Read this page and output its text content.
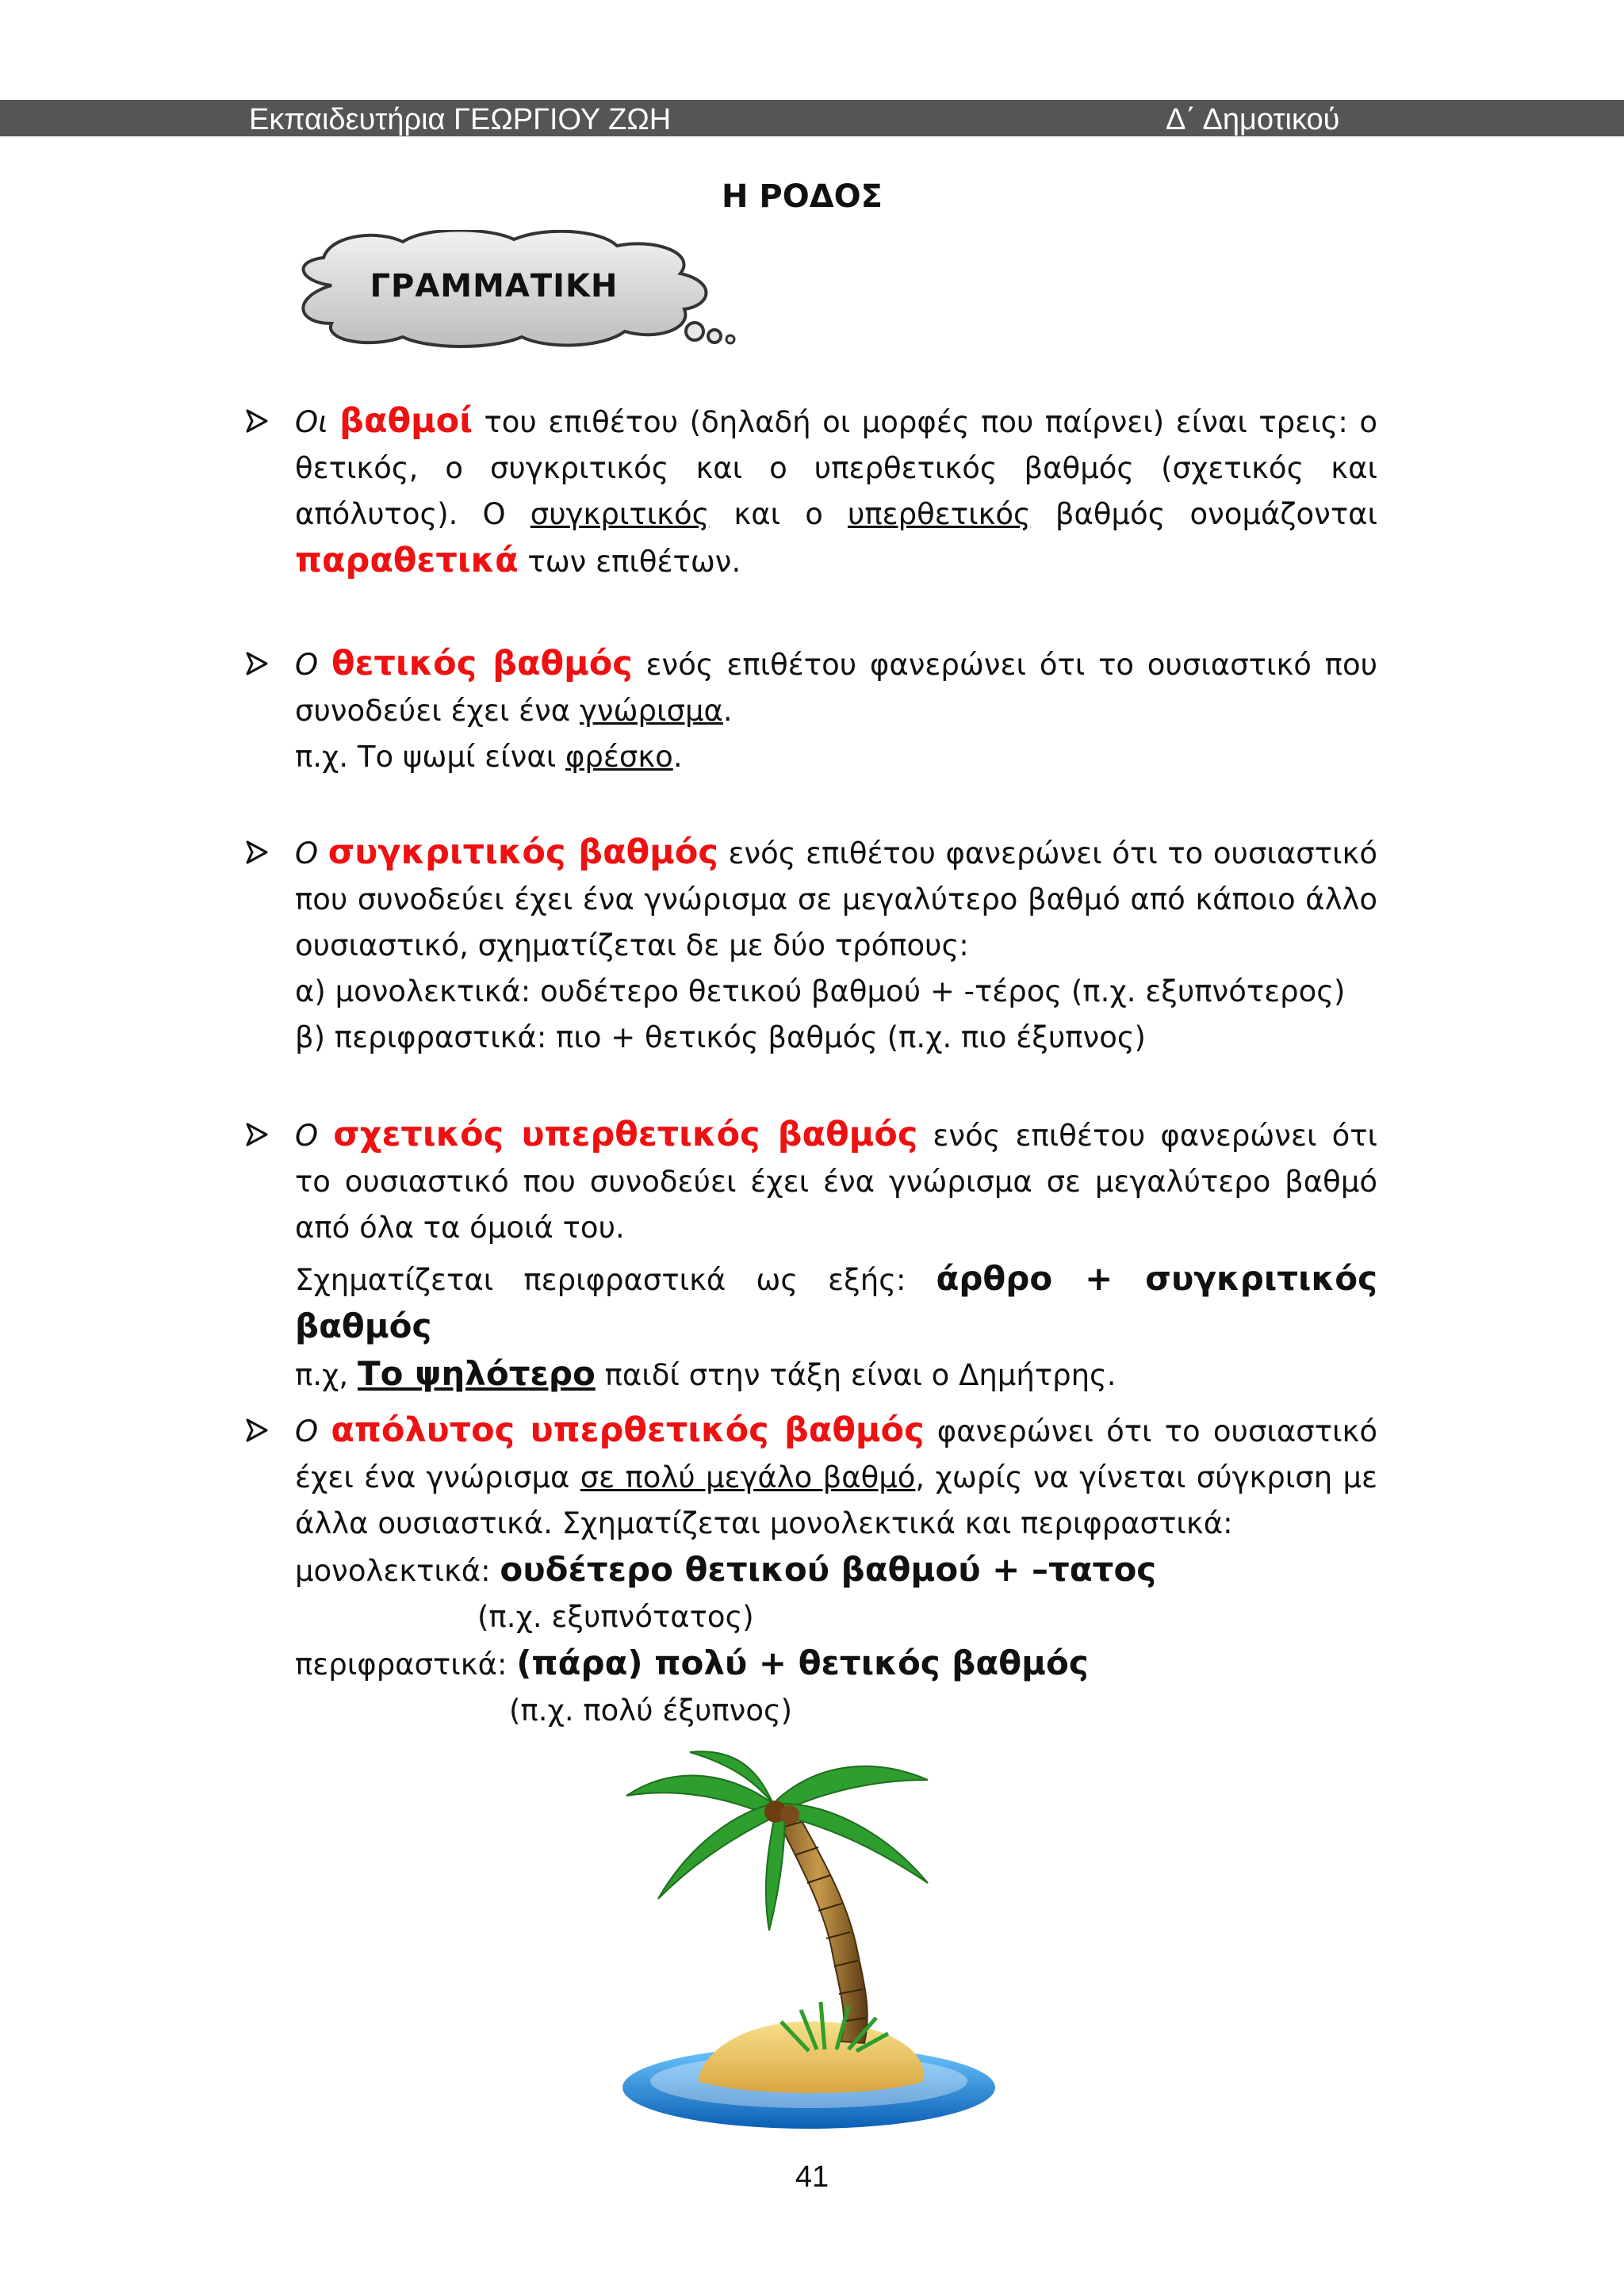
Εκπαιδευτήρια ΓΕΩΡΓΙΟΥ ΖΩΗ	Δ΄ Δημοτικού
Η ΡΟΔΟΣ
ΓΡΑΜΜΑΤΙΚΗ

Οι βαθμοί του επιθέτου (δηλαδή οι μορφές που παίρνει) είναι τρεις: ο θετικός, ο συγκριτικός και ο υπερθετικός βαθμός (σχετικός και απόλυτος). Ο συγκριτικός και ο υπερθετικός βαθμός ονομάζονται παραθετικά των επιθέτων.

Ο θετικός βαθμός ενός επιθέτου φανερώνει ότι το ουσιαστικό που συνοδεύει έχει ένα γνώρισμα.

π.χ. Το ψωμί είναι φρέσκο.

Ο συγκριτικός βαθμός ενός επιθέτου φανερώνει ότι το ουσιαστικό που συνοδεύει έχει ένα γνώρισμα σε μεγαλύτερο βαθμό από κάποιο άλλο ουσιαστικό, σχηματίζεται δε με δύο τρόπους:

α) μονολεκτικά: ουδέτερο θετικού βαθμού + -τέρος (π.χ. εξυπνότερος)

β) περιφραστικά: πιο + θετικός βαθμός (π.χ. πιο έξυπνος)

Ο σχετικός υπερθετικός βαθμός ενός επιθέτου φανερώνει ότι το ουσιαστικό που συνοδεύει έχει ένα γνώρισμα σε μεγαλύτερο βαθμό από όλα τα όμοιά του.

Σχηματίζεται περιφραστικά ως εξής: άρθρο + συγκριτικός βαθμός

π.χ, Το ψηλότερο παιδί στην τάξη είναι ο Δημήτρης.

Ο απόλυτος υπερθετικός βαθμός φανερώνει ότι το ουσιαστικό έχει ένα γνώρισμα σε πολύ μεγάλο βαθμό, χωρίς να γίνεται σύγκριση με άλλα ουσιαστικά. Σχηματίζεται μονολεκτικά και περιφραστικά:

μονολεκτικά: ουδέτερο θετικού βαθμού + –τατος

(π.χ. εξυπνότατος)

περιφραστικά: (πάρα) πολύ + θετικός βαθμός

(π.χ. πολύ έξυπνος)

41
